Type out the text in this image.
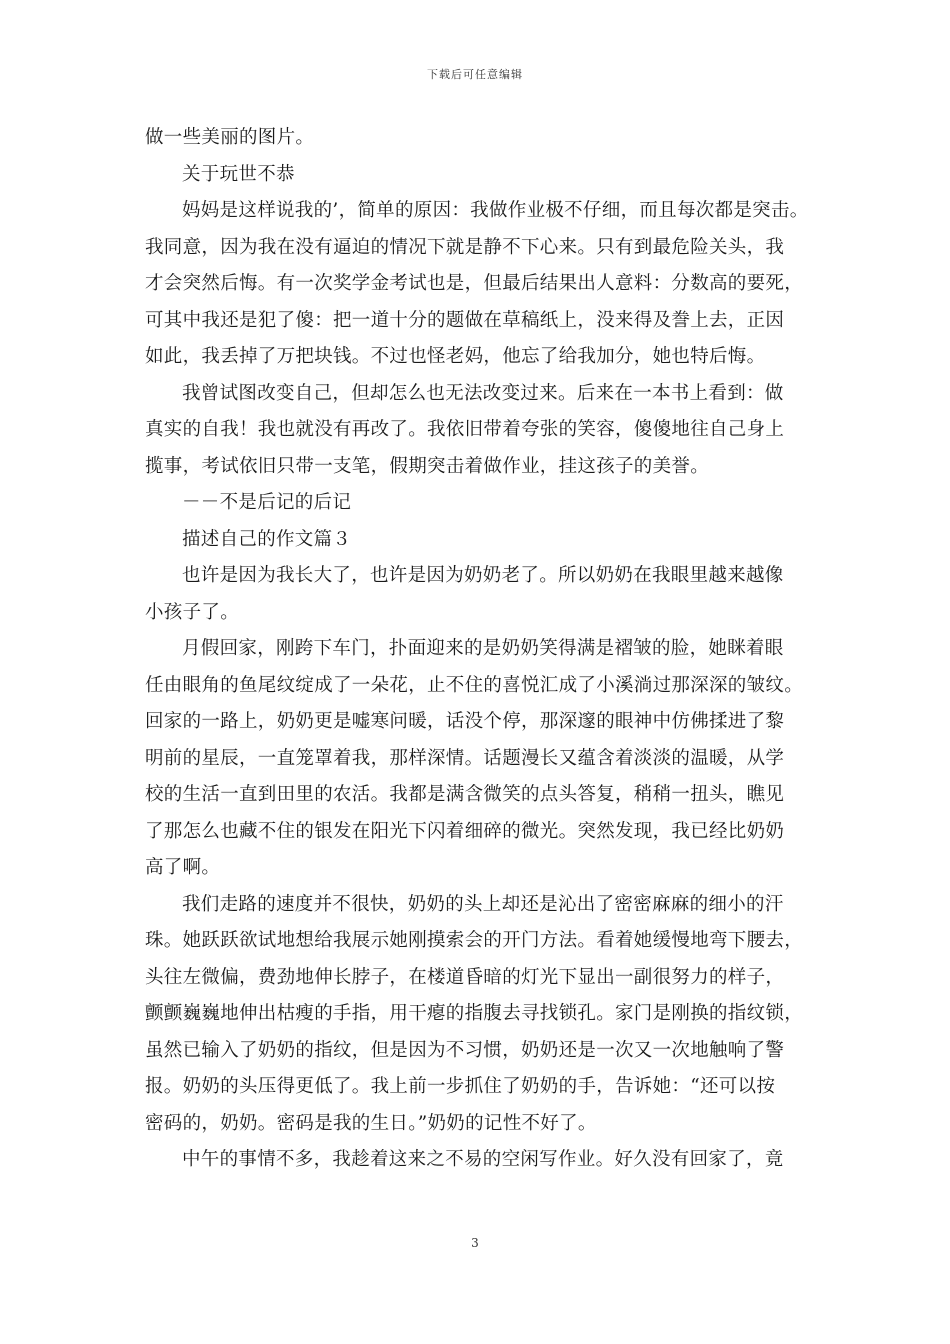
下载后可任意编辑
做一些美丽的图片。
关于玩世不恭
妈妈是这样说我的’，简单的原因：我做作业极不仔细，而且每次都是突击。
我同意，因为我在没有逼迫的情况下就是静不下心来。只有到最危险关头，我
才会突然后悔。有一次奖学金考试也是，但最后结果出人意料：分数高的要死，
可其中我还是犯了傻：把一道十分的题做在草稿纸上，没来得及誊上去，正因
如此，我丢掉了万把块钱。不过也怪老妈，他忘了给我加分，她也特后悔。
我曾试图改变自己，但却怎么也无法改变过来。后来在一本书上看到：做
真实的自我！我也就没有再改了。我依旧带着夸张的笑容，傻傻地往自己身上
揽事，考试依旧只带一支笔，假期突击着做作业，挂这孩子的美誉。
－－不是后记的后记
描述自己的作文篇３
也许是因为我长大了，也许是因为奶奶老了。所以奶奶在我眼里越来越像
小孩子了。
月假回家，刚跨下车门，扑面迎来的是奶奶笑得满是褶皱的脸，她眯着眼
任由眼角的鱼尾纹绽成了一朵花，止不住的喜悦汇成了小溪淌过那深深的皱纹。
回家的一路上，奶奶更是嘘寒问暖，话没个停，那深邃的眼神中仿佛揉进了黎
明前的星辰，一直笼罩着我，那样深情。话题漫长又蕴含着淡淡的温暖，从学
校的生活一直到田里的农活。我都是满含微笑的点头答复，稍稍一扭头，瞧见
了那怎么也藏不住的银发在阳光下闪着细碎的微光。突然发现，我已经比奶奶
高了啊。
我们走路的速度并不很快，奶奶的头上却还是沁出了密密麻麻的细小的汗
珠。她跃跃欲试地想给我展示她刚摸索会的开门方法。看着她缓慢地弯下腰去，
头往左微偏，费劲地伸长脖子，在楼道昏暗的灯光下显出一副很努力的样子，
颤颤巍巍地伸出枯瘦的手指，用干瘪的指腹去寻找锁孔。家门是刚换的指纹锁，
虽然已输入了奶奶的指纹，但是因为不习惯，奶奶还是一次又一次地触响了警
报。奶奶的头压得更低了。我上前一步抓住了奶奶的手，告诉她：“还可以按
密码的，奶奶。密码是我的生日。”奶奶的记性不好了。
中午的事情不多，我趁着这来之不易的空闲写作业。好久没有回家了，竟
3
